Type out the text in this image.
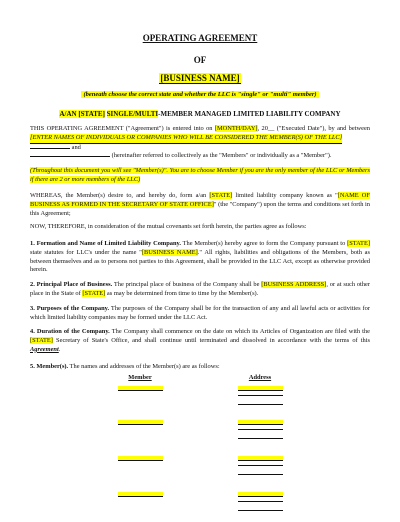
OPERATING AGREEMENT
OF
[BUSINESS NAME]
(beneath choose the correct state and whether the LLC is "single" or "multi" member)
A/AN [STATE] SINGLE/MULTI-MEMBER MANAGED LIMITED LIABILITY COMPANY
THIS OPERATING AGREEMENT ("Agreement") is entered into on [MONTH/DAY], 20__ ("Executed Date"), by and between [ENTER NAMES OF INDIVIDUALS OR COMPANIES WHO WILL BE CONSIDERED THE MEMBER(S) OF THE LLC]  and
(hereinafter referred to collectively as the "Members" or individually as a "Member").
(Throughout this document you will see "Member(s)". You are to choose Member if you are the only member of the LLC or Members if there are 2 or more members of the LLC)
WHEREAS, the Member(s) desire to, and hereby do, form a/an [STATE] limited liability company known as "[NAME OF BUSINESS AS FORMED IN THE SECRETARY OF STATE OFFICE]" (the "Company") upon the terms and conditions set forth in this Agreement;
NOW, THEREFORE, in consideration of the mutual covenants set forth herein, the parties agree as follows:
1. Formation and Name of Limited Liability Company. The Member(s) hereby agree to form the Company pursuant to [STATE] state statutes for LLC's under the name "[BUSINESS NAME]." All rights, liabilities and obligations of the Members, both as between themselves and as to persons not parties to this Agreement, shall be provided in the LLC Act, except as otherwise provided herein.
2. Principal Place of Business. The principal place of business of the Company shall be [BUSINESS ADDRESS], or at such other place in the State of [STATE] as may be determined from time to time by the Member(s).
3. Purposes of the Company. The purposes of the Company shall be for the transaction of any and all lawful acts or activities for which limited liability companies may be formed under the LLC Act.
4. Duration of the Company. The Company shall commence on the date on which its Articles of Organization are filed with the [STATE] Secretary of State's Office, and shall continue until terminated and dissolved in accordance with the terms of this Agreement.
5. Member(s). The names and addresses of the Member(s) are as follows:
Member	Address
